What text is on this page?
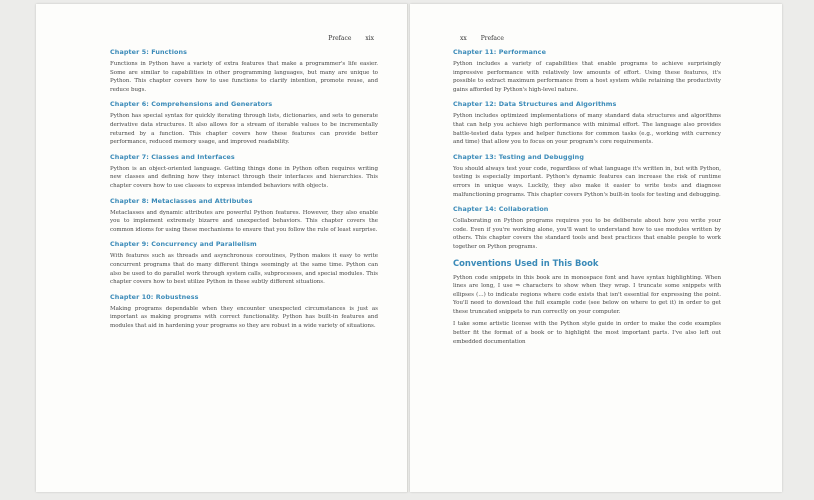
Preface xix
Chapter 5: Functions

Functions in Python have a variety of extra features that make a programmer's life easier. Some are similar to capabilities in other programming languages, but many are unique to Python. This chapter covers how to use functions to clarify intention, promote reuse, and reduce bugs.

Chapter 6: Comprehensions and Generators

Python has special syntax for quickly iterating through lists, dictionaries, and sets to generate derivative data structures. It also allows for a stream of iterable values to be incrementally returned by a function. This chapter covers how these features can provide better performance, reduced memory usage, and improved readability.

Chapter 7: Classes and Interfaces

Python is an object-oriented language. Getting things done in Python often requires writing new classes and defining how they interact through their interfaces and hierarchies. This chapter covers how to use classes to express intended behaviors with objects.

Chapter 8: Metaclasses and Attributes

Metaclasses and dynamic attributes are powerful Python features. However, they also enable you to implement extremely bizarre and unexpected behaviors. This chapter covers the common idioms for using these mechanisms to ensure that you follow the rule of least surprise.

Chapter 9: Concurrency and Parallelism

With features such as threads and asynchronous coroutines, Python makes it easy to write concurrent programs that do many different things seemingly at the same time. Python can also be used to do parallel work through system calls, subprocesses, and special modules. This chapter covers how to best utilize Python in these subtly different situations.

Chapter 10: Robustness

Making programs dependable when they encounter unexpected circumstances is just as important as making programs with correct functionality. Python has built-in features and modules that aid in hardening your programs so they are robust in a wide variety of situations.

xx Preface
Chapter 11: Performance

Python includes a variety of capabilities that enable programs to achieve surprisingly impressive performance with relatively low amounts of effort. Using these features, it's possible to extract maximum performance from a host system while retaining the productivity gains afforded by Python's high-level nature.

Chapter 12: Data Structures and Algorithms

Python includes optimized implementations of many standard data structures and algorithms that can help you achieve high performance with minimal effort. The language also provides battle-tested data types and helper functions for common tasks (e.g., working with currency and time) that allow you to focus on your program's core requirements.

Chapter 13: Testing and Debugging

You should always test your code, regardless of what language it's written in, but with Python, testing is especially important. Python's dynamic features can increase the risk of runtime errors in unique ways. Luckily, they also make it easier to write tests and diagnose malfunctioning programs. This chapter covers Python's built-in tools for testing and debugging.

Chapter 14: Collaboration

Collaborating on Python programs requires you to be deliberate about how you write your code. Even if you're working alone, you'll want to understand how to use modules written by others. This chapter covers the standard tools and best practices that enable people to work together on Python programs.

Conventions Used in This Book

Python code snippets in this book are in monospace font and have syntax highlighting. When lines are long, I use ⇒ characters to show when they wrap. I truncate some snippets with ellipses (...) to indicate regions where code exists that isn't essential for expressing the point. You'll need to download the full example code (see below on where to get it) in order to get these truncated snippets to run correctly on your computer.

I take some artistic license with the Python style guide in order to make the code examples better fit the format of a book or to highlight the most important parts. I've also left out embedded documentation
